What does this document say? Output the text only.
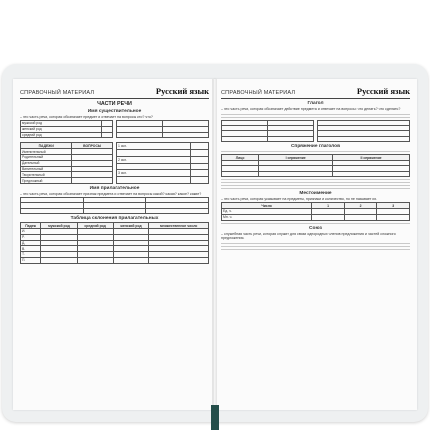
СПРАВОЧНЫЙ МАТЕРИАЛ	Русский язык
ЧАСТИ РЕЧИ
Имя существительное
– это часть речи, которая обозначает предмет и отвечает на вопросы кто? что?
мужской род	
женский род	
средний род	

ПАДЕЖИ	ВОПРОСЫ
Именительный	
Родительный	
Дательный	
Винительный	
Творительный	
Предложный	
1 скл.	

2 скл.	

3 скл.	

Имя прилагательное
– это часть речи, которая обозначает признак предмета и отвечает на вопросы какой? какая? какое? какие?

Таблица склонения прилагательных
Падеж	мужской род	средний род	женский род	множественное число
И.				
Р.				
Д.				
В.				
Т.				
П.				
СПРАВОЧНЫЙ МАТЕРИАЛ	Русский язык
Глагол
– это часть речи, которая обозначает действие предмета и отвечает на вопросы: что делать? что сделать?

Спряжение глаголов
Лицо	I спряжение	II спряжение

Местоимение
– это часть речи, которая указывает на предметы, признаки и количество, но не называет их.
Число	1	2	3
Ед. ч.			
Мн. ч.			
Союз
– служебная часть речи, которая служит для связи однородных членов предложения и частей сложного предложения.
